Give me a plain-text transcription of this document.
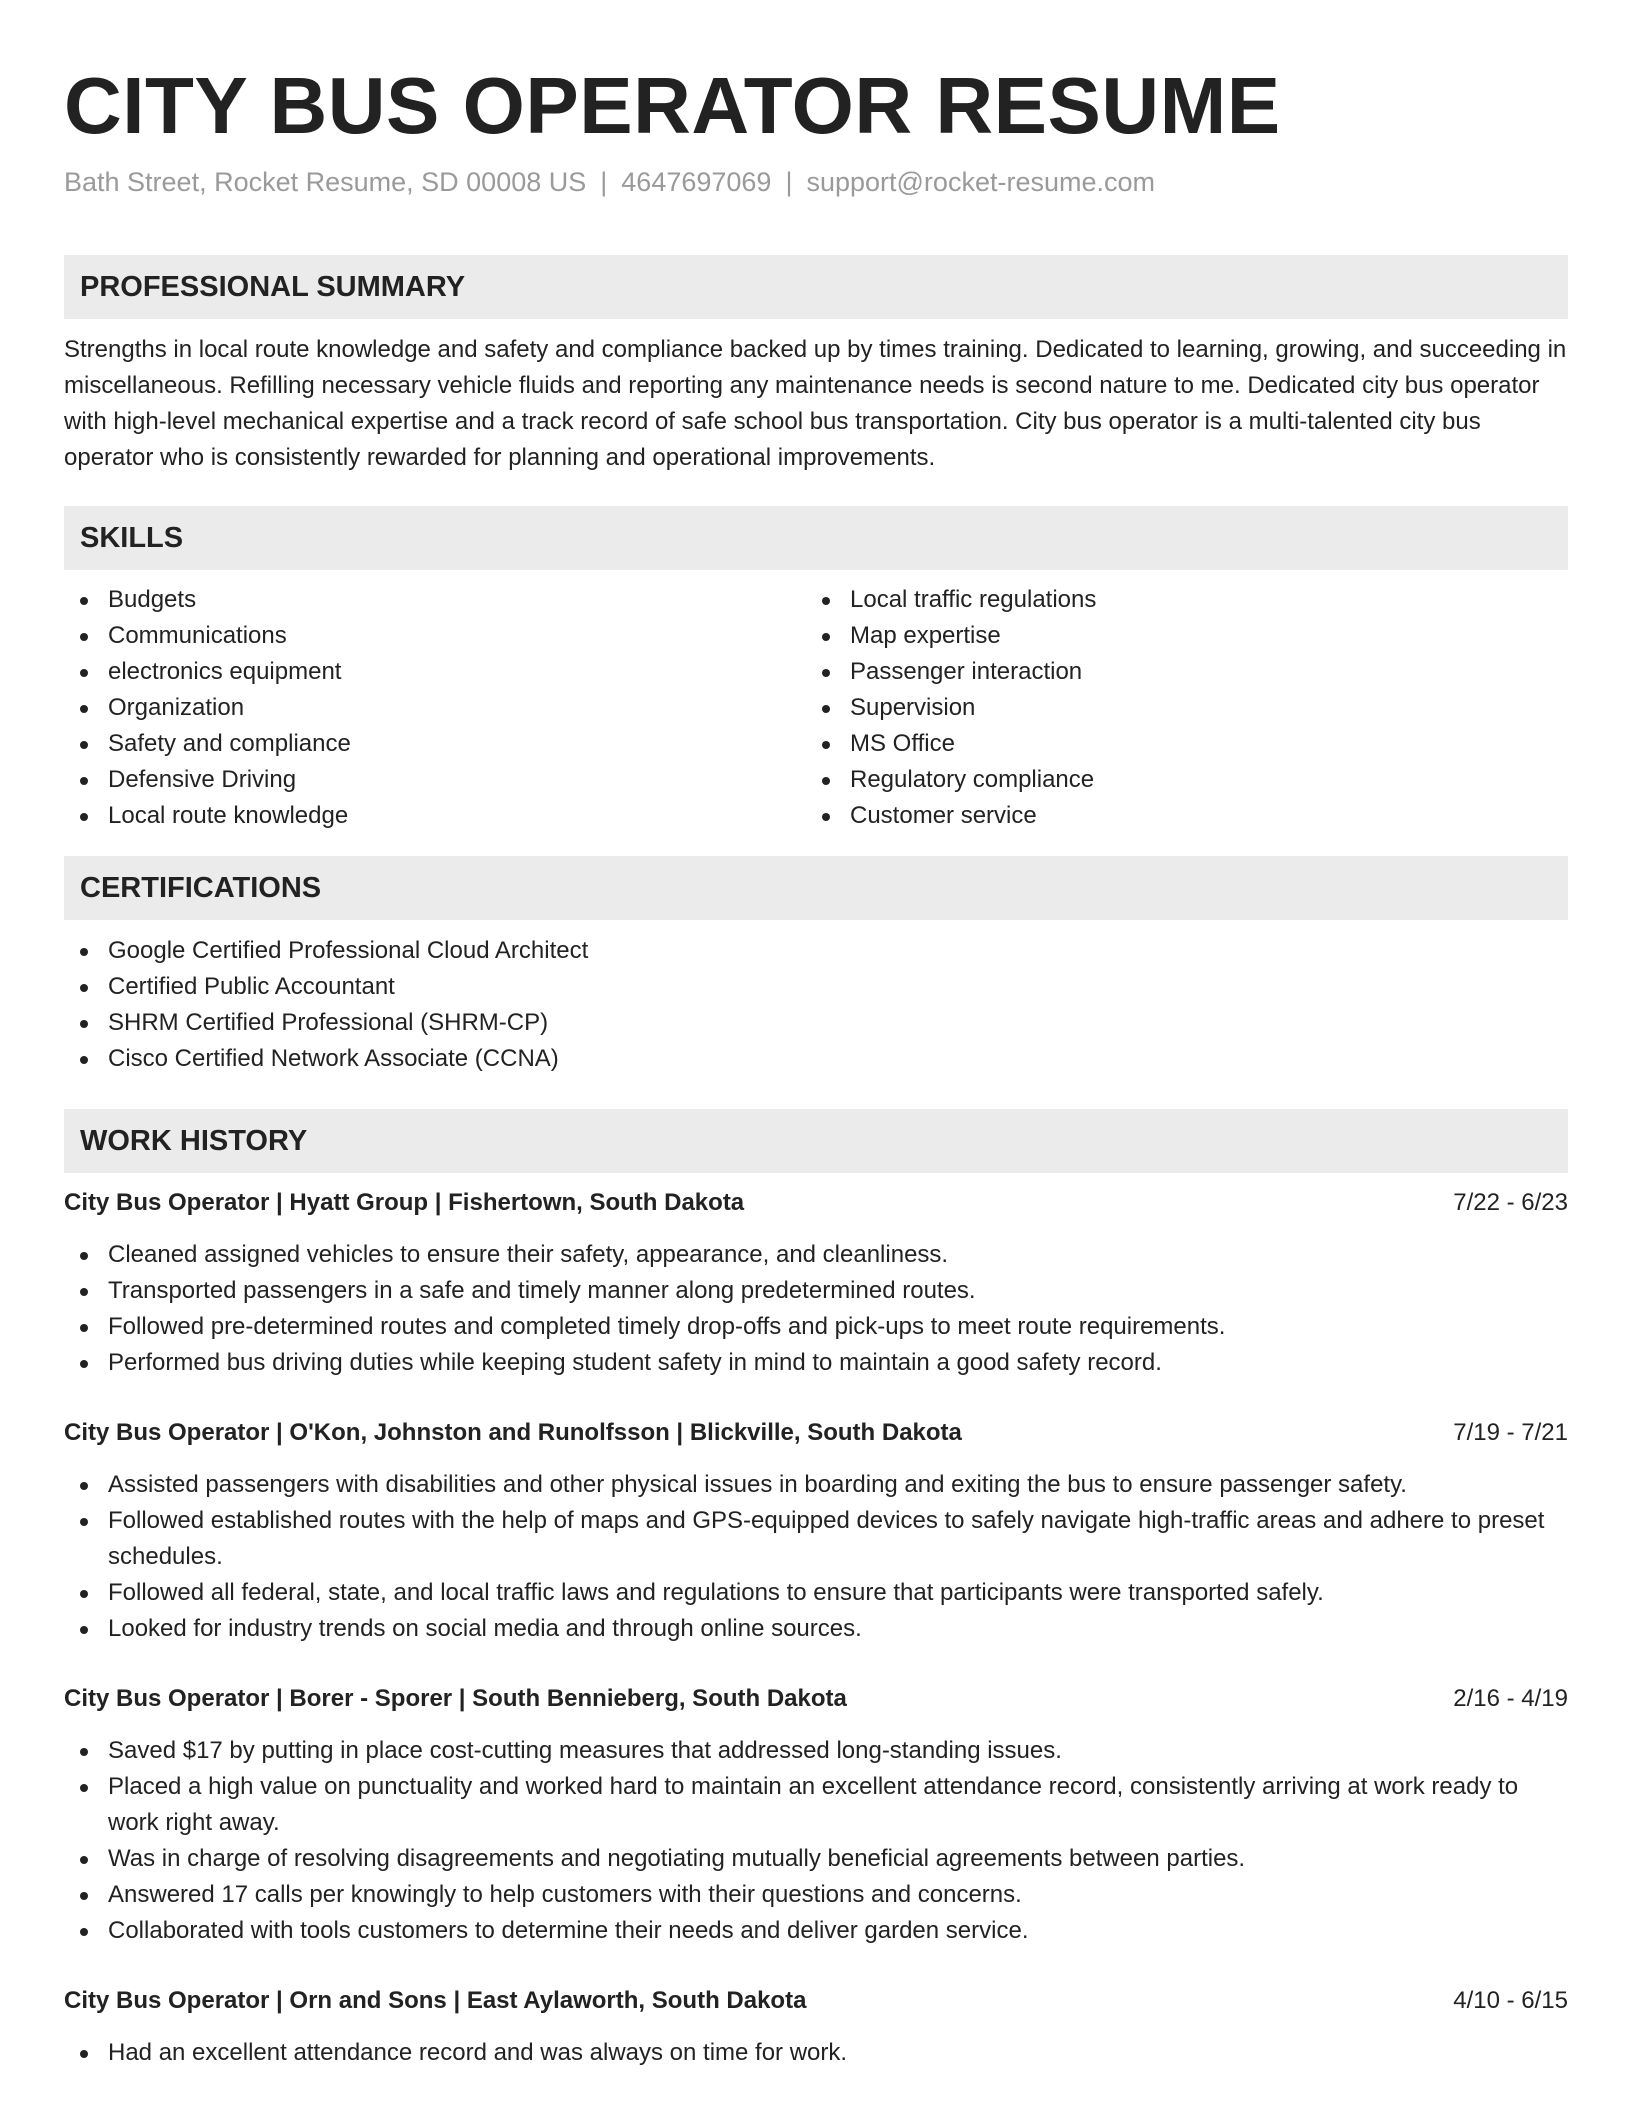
CITY BUS OPERATOR RESUME
Bath Street, Rocket Resume, SD 00008 US | 4647697069 | support@rocket-resume.com
PROFESSIONAL SUMMARY
Strengths in local route knowledge and safety and compliance backed up by times training. Dedicated to learning, growing, and succeeding in miscellaneous. Refilling necessary vehicle fluids and reporting any maintenance needs is second nature to me. Dedicated city bus operator with high-level mechanical expertise and a track record of safe school bus transportation. City bus operator is a multi-talented city bus operator who is consistently rewarded for planning and operational improvements.
SKILLS
Budgets
Communications
electronics equipment
Organization
Safety and compliance
Defensive Driving
Local route knowledge
Local traffic regulations
Map expertise
Passenger interaction
Supervision
MS Office
Regulatory compliance
Customer service
CERTIFICATIONS
Google Certified Professional Cloud Architect
Certified Public Accountant
SHRM Certified Professional (SHRM-CP)
Cisco Certified Network Associate (CCNA)
WORK HISTORY
City Bus Operator | Hyatt Group | Fishertown, South Dakota	7/22 - 6/23
Cleaned assigned vehicles to ensure their safety, appearance, and cleanliness.
Transported passengers in a safe and timely manner along predetermined routes.
Followed pre-determined routes and completed timely drop-offs and pick-ups to meet route requirements.
Performed bus driving duties while keeping student safety in mind to maintain a good safety record.
City Bus Operator | O'Kon, Johnston and Runolfsson | Blickville, South Dakota	7/19 - 7/21
Assisted passengers with disabilities and other physical issues in boarding and exiting the bus to ensure passenger safety.
Followed established routes with the help of maps and GPS-equipped devices to safely navigate high-traffic areas and adhere to preset schedules.
Followed all federal, state, and local traffic laws and regulations to ensure that participants were transported safely.
Looked for industry trends on social media and through online sources.
City Bus Operator | Borer - Sporer | South Bennieberg, South Dakota	2/16 - 4/19
Saved $17 by putting in place cost-cutting measures that addressed long-standing issues.
Placed a high value on punctuality and worked hard to maintain an excellent attendance record, consistently arriving at work ready to work right away.
Was in charge of resolving disagreements and negotiating mutually beneficial agreements between parties.
Answered 17 calls per knowingly to help customers with their questions and concerns.
Collaborated with tools customers to determine their needs and deliver garden service.
City Bus Operator | Orn and Sons | East Aylaworth, South Dakota	4/10 - 6/15
Had an excellent attendance record and was always on time for work.
